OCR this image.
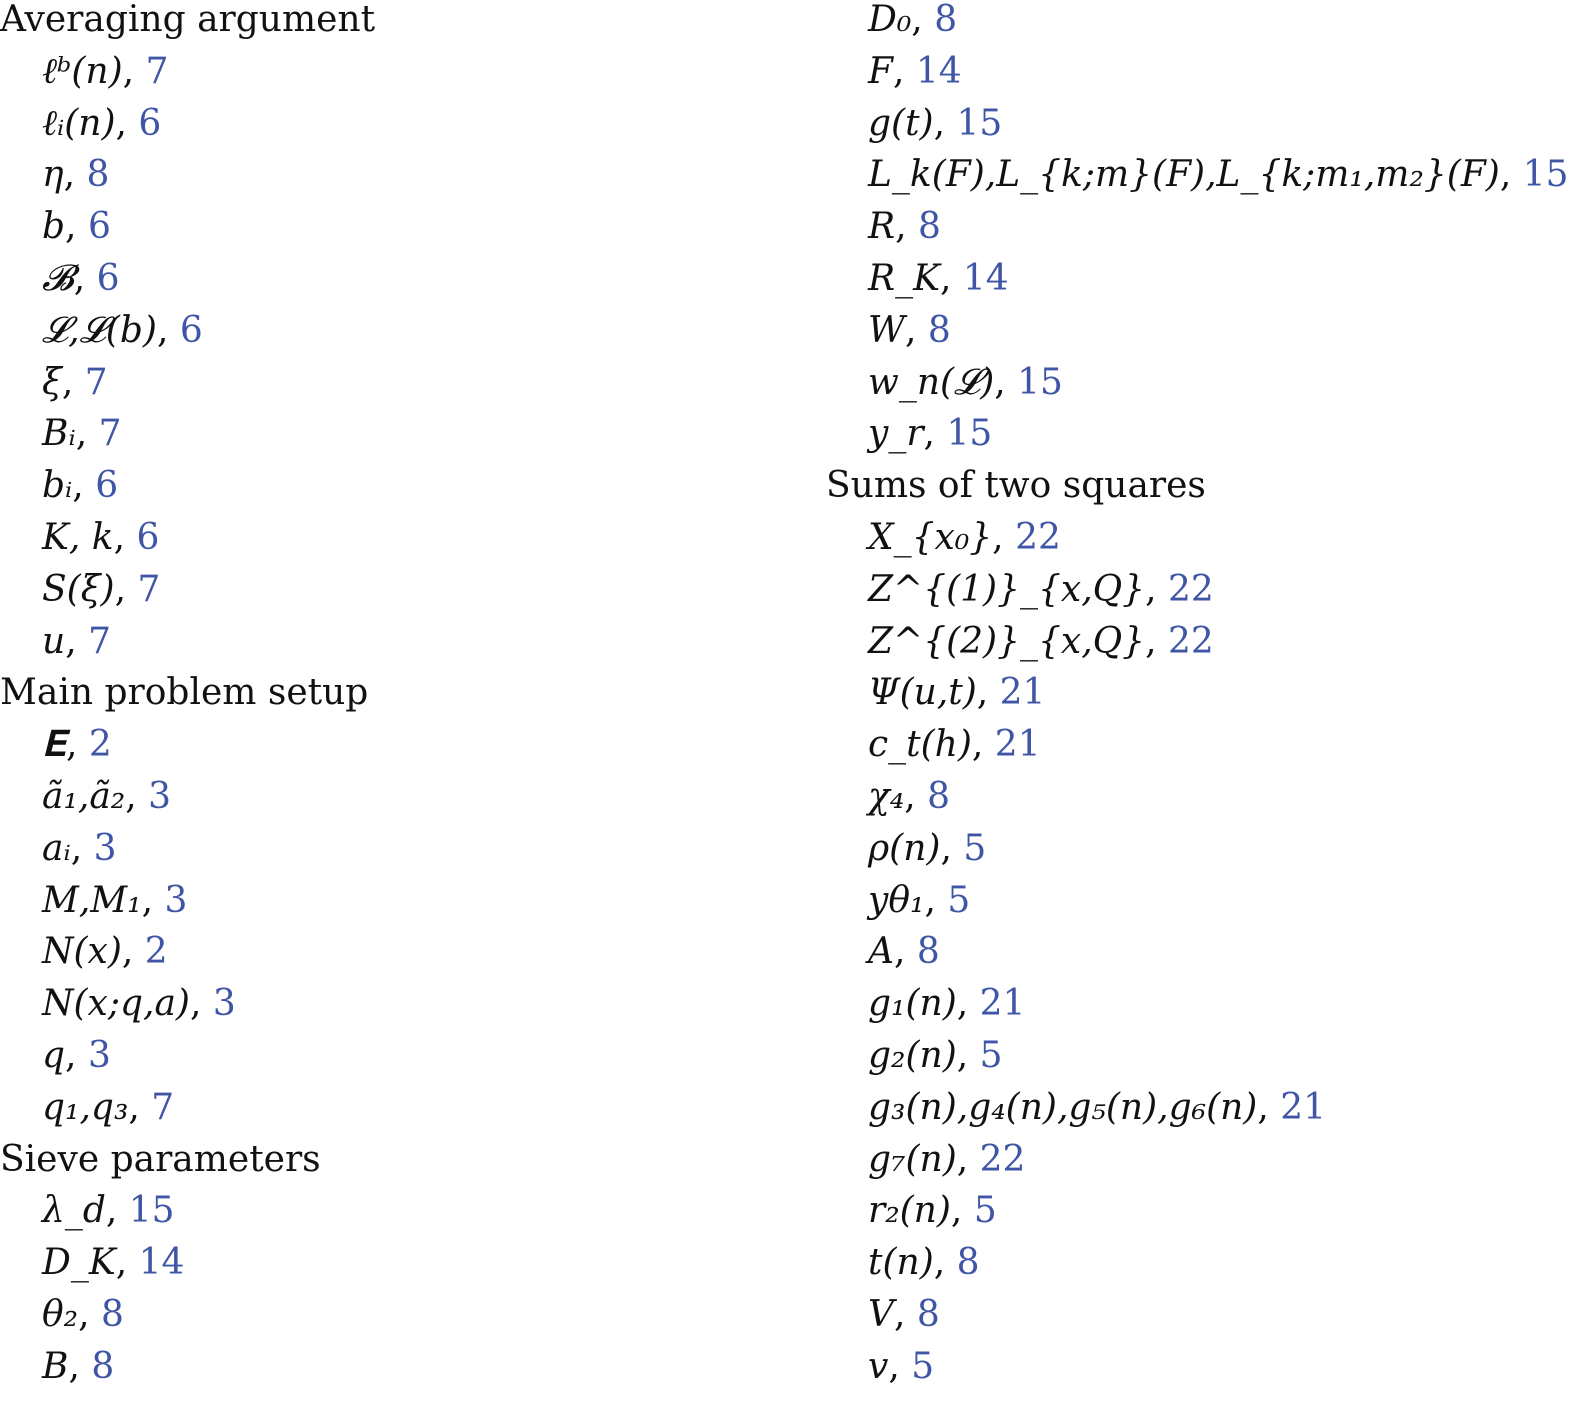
Averaging argument
ℓᵇ(n), 7
ℓᵢ(n), 6
η, 8
b, 6
𝓑, 6
𝓛,𝓛(b), 6
ξ, 7
Bᵢ, 7
bᵢ, 6
K, k, 6
S(ξ), 7
u, 7
Main problem setup
𝐄, 2
ã₁,ã₂, 3
aᵢ, 3
M,M₁, 3
N(x), 2
N(x;q,a), 3
q, 3
q₁,q₃, 7
Sieve parameters
λ_d, 15
D_K, 14
θ₂, 8
B, 8
D₀, 8
F, 14
g(t), 15
L_k(F),L_{k;m}(F),L_{k;m₁,m₂}(F), 15
R, 8
R_K, 14
W, 8
w_n(𝓛), 15
y_r, 15
Sums of two squares
X_{x₀}, 22
Z^{(1)}_{x,Q}, 22
Z^{(2)}_{x,Q}, 22
Ψ(u,t), 21
c_t(h), 21
χ₄, 8
ρ(n), 5
yθ₁, 5
A, 8
g₁(n), 21
g₂(n), 5
g₃(n),g₄(n),g₅(n),g₆(n), 21
g₇(n), 22
r₂(n), 5
t(n), 8
V, 8
v, 5
